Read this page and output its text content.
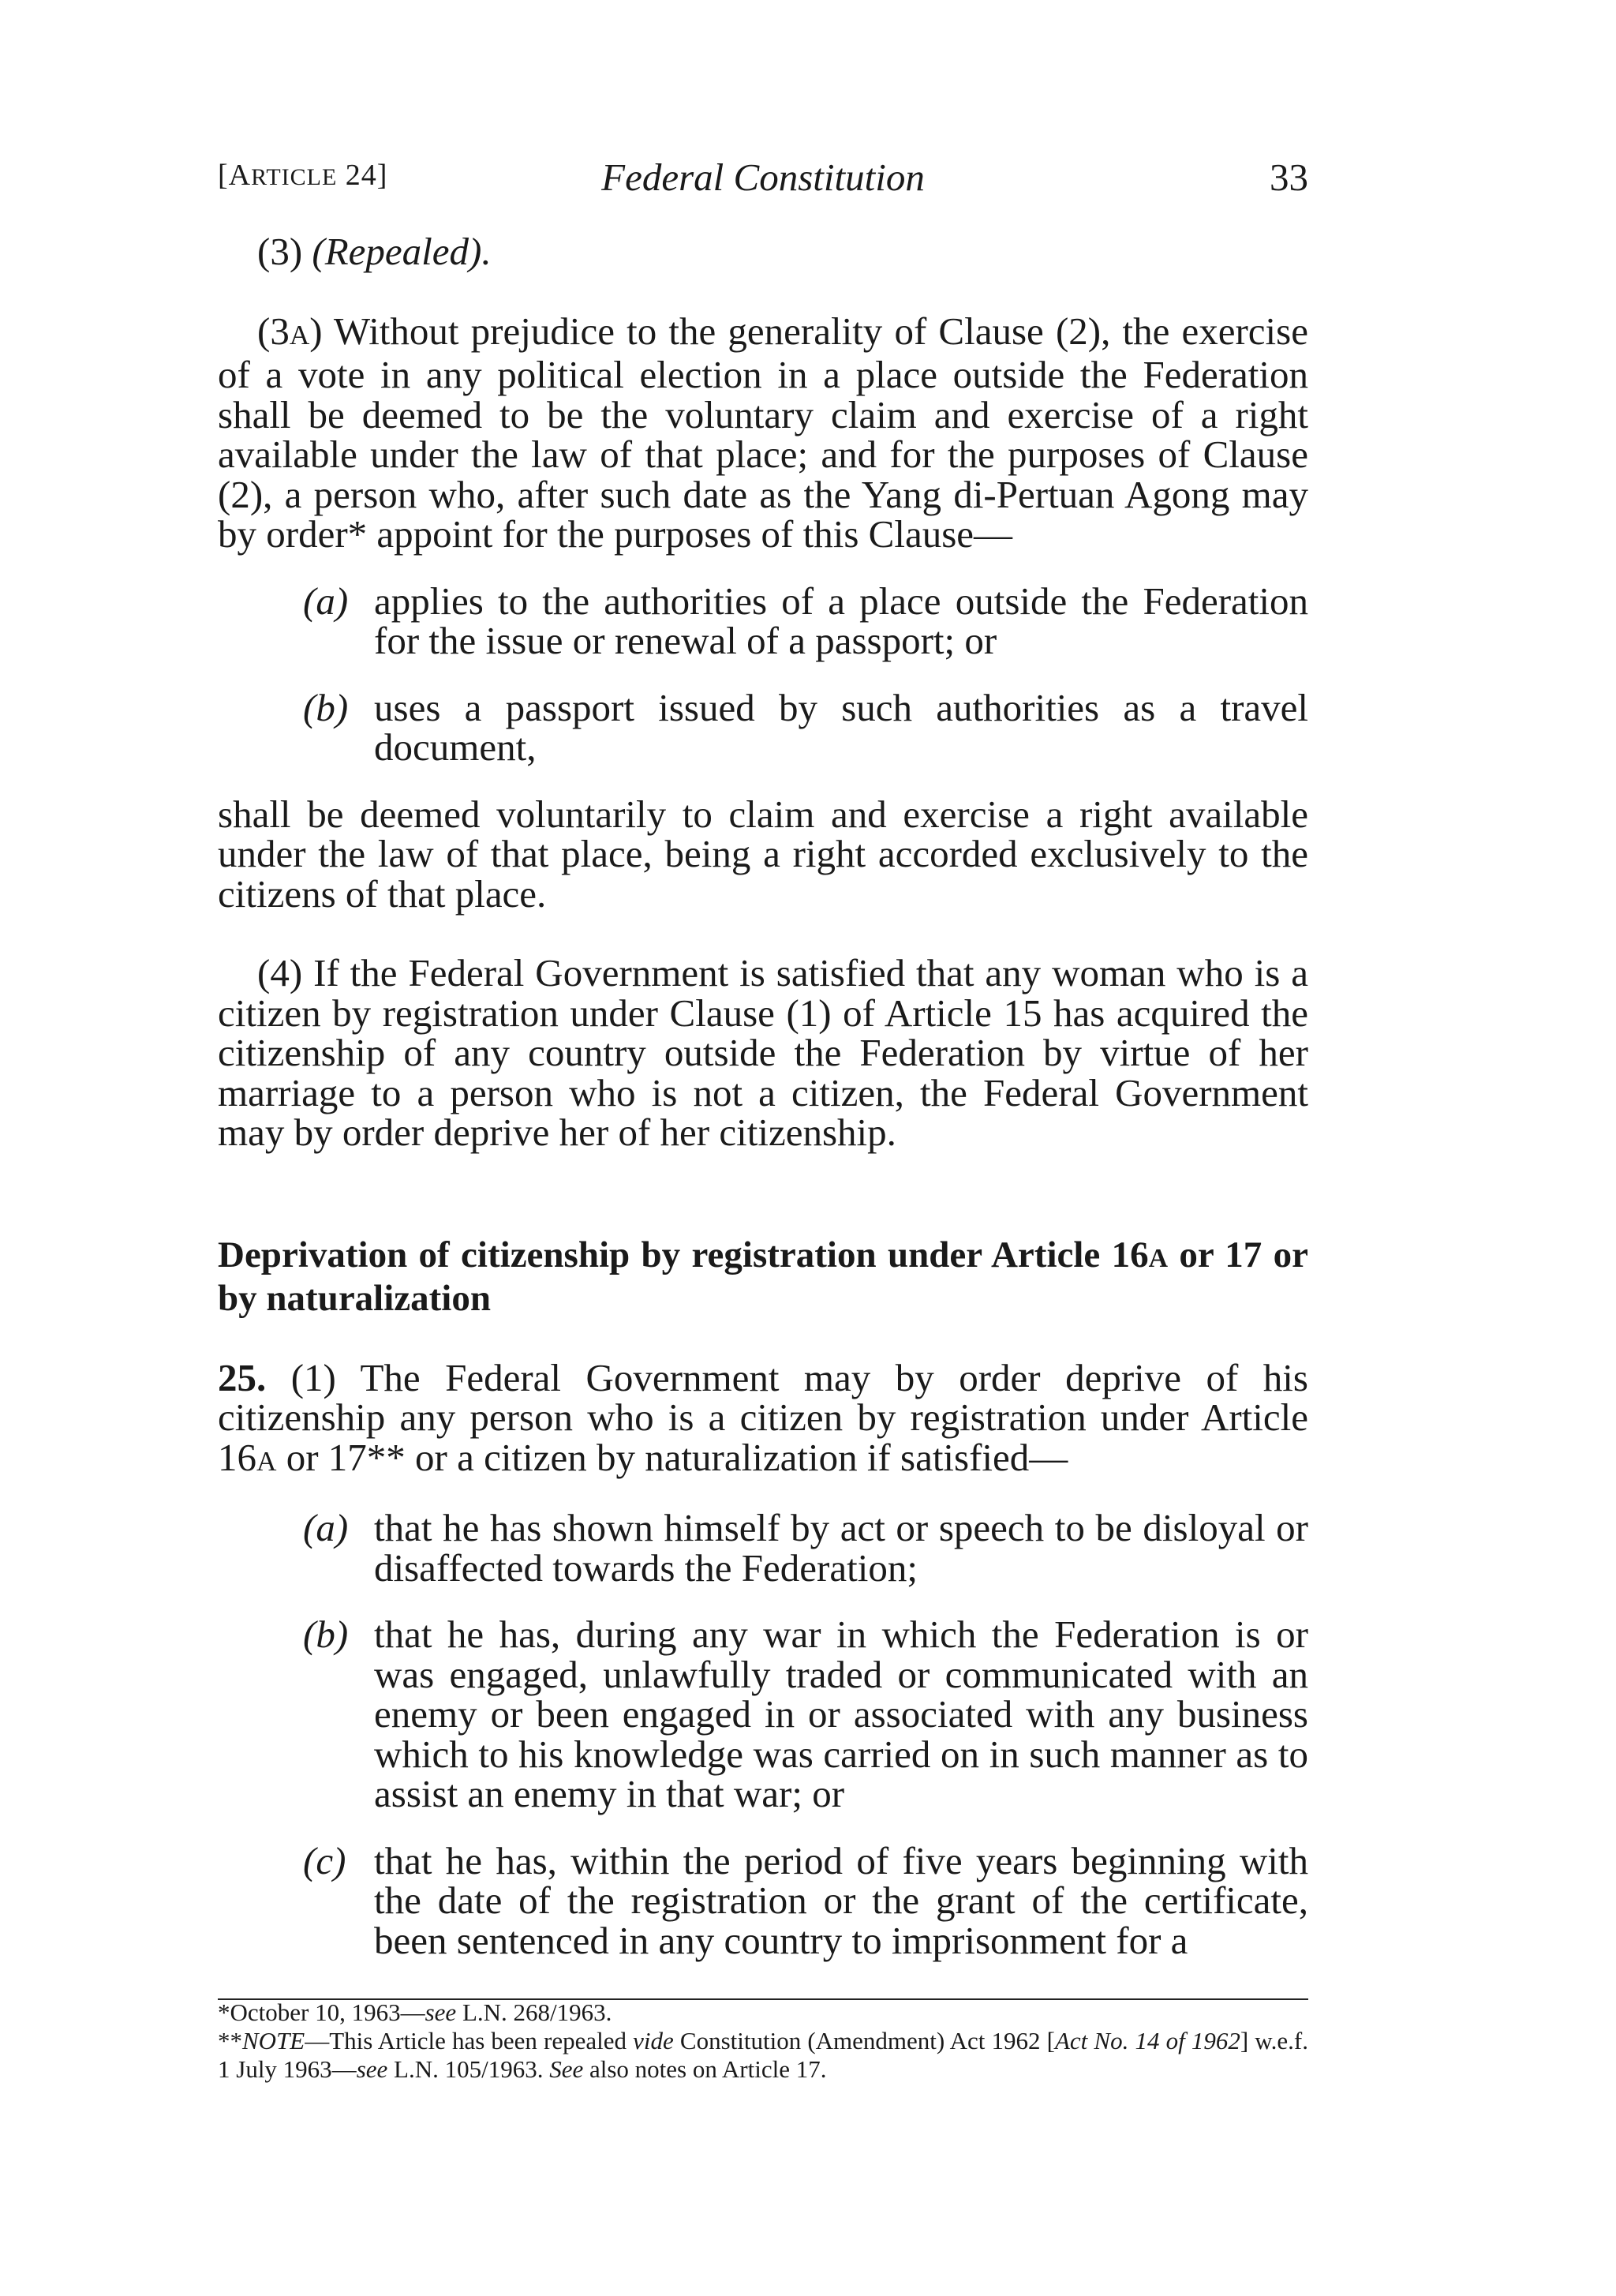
[ARTICLE 24]	Federal Constitution	33

(3) (Repealed).

(3A) Without prejudice to the generality of Clause (2), the exercise of a vote in any political election in a place outside the Federation shall be deemed to be the voluntary claim and exercise of a right available under the law of that place; and for the purposes of Clause (2), a person who, after such date as the Yang di-Pertuan Agong may by order* appoint for the purposes of this Clause—

(a) applies to the authorities of a place outside the Federation for the issue or renewal of a passport; or
(b) uses a passport issued by such authorities as a travel document,

shall be deemed voluntarily to claim and exercise a right available under the law of that place, being a right accorded exclusively to the citizens of that place.

(4) If the Federal Government is satisfied that any woman who is a citizen by registration under Clause (1) of Article 15 has acquired the citizenship of any country outside the Federation by virtue of her marriage to a person who is not a citizen, the Federal Government may by order deprive her of her citizenship.

Deprivation of citizenship by registration under Article 16A or 17 or by naturalization

25. (1) The Federal Government may by order deprive of his citizenship any person who is a citizen by registration under Article 16A or 17** or a citizen by naturalization if satisfied—

(a) that he has shown himself by act or speech to be disloyal or disaffected towards the Federation;
(b) that he has, during any war in which the Federation is or was engaged, unlawfully traded or communicated with an enemy or been engaged in or associated with any business which to his knowledge was carried on in such manner as to assist an enemy in that war; or
(c) that he has, within the period of five years beginning with the date of the registration or the grant of the certificate, been sentenced in any country to imprisonment for a

*October 10, 1963—see L.N. 268/1963.

**NOTE—This Article has been repealed vide Constitution (Amendment) Act 1962 [Act No. 14 of 1962] w.e.f. 1 July 1963—see L.N. 105/1963. See also notes on Article 17.
